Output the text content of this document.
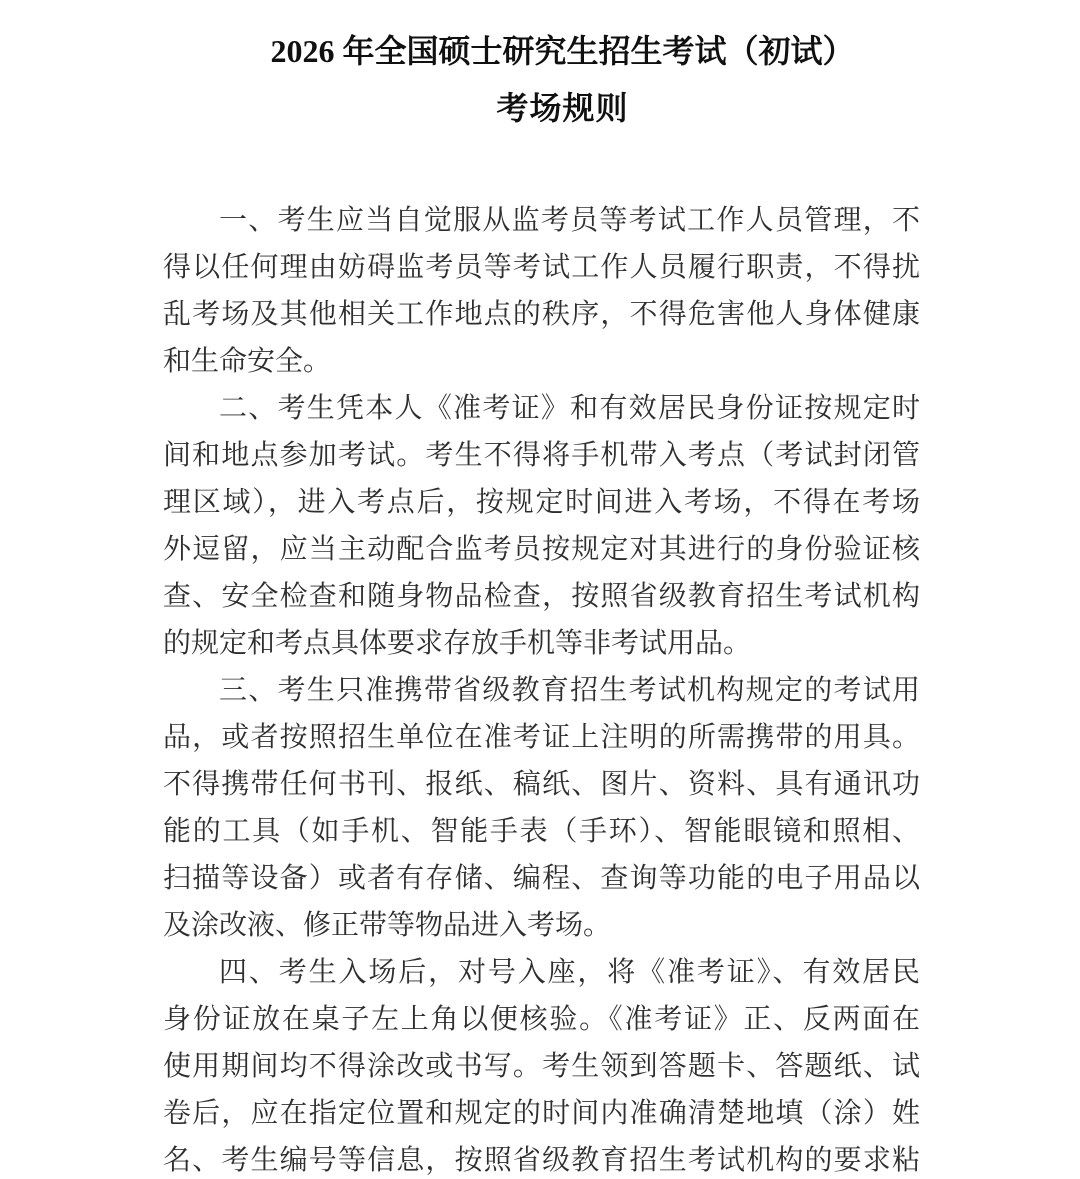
2026 年全国硕士研究生招生考试（初试）
考场规则
一、考生应当自觉服从监考员等考试工作人员管理，不
得以任何理由妨碍监考员等考试工作人员履行职责，不得扰
乱考场及其他相关工作地点的秩序，不得危害他人身体健康
和生命安全。
二、考生凭本人《准考证》和有效居民身份证按规定时
间和地点参加考试。考生不得将手机带入考点（考试封闭管
理区域），进入考点后，按规定时间进入考场，不得在考场
外逗留，应当主动配合监考员按规定对其进行的身份验证核
查、安全检查和随身物品检查，按照省级教育招生考试机构
的规定和考点具体要求存放手机等非考试用品。
三、考生只准携带省级教育招生考试机构规定的考试用
品，或者按照招生单位在准考证上注明的所需携带的用具。
不得携带任何书刊、报纸、稿纸、图片、资料、具有通讯功
能的工具（如手机、智能手表（手环）、智能眼镜和照相、
扫描等设备）或者有存储、编程、查询等功能的电子用品以
及涂改液、修正带等物品进入考场。
四、考生入场后，对号入座，将《准考证》、有效居民
身份证放在桌子左上角以便核验。《准考证》正、反两面在
使用期间均不得涂改或书写。考生领到答题卡、答题纸、试
卷后，应在指定位置和规定的时间内准确清楚地填（涂）姓
名、考生编号等信息，按照省级教育招生考试机构的要求粘
